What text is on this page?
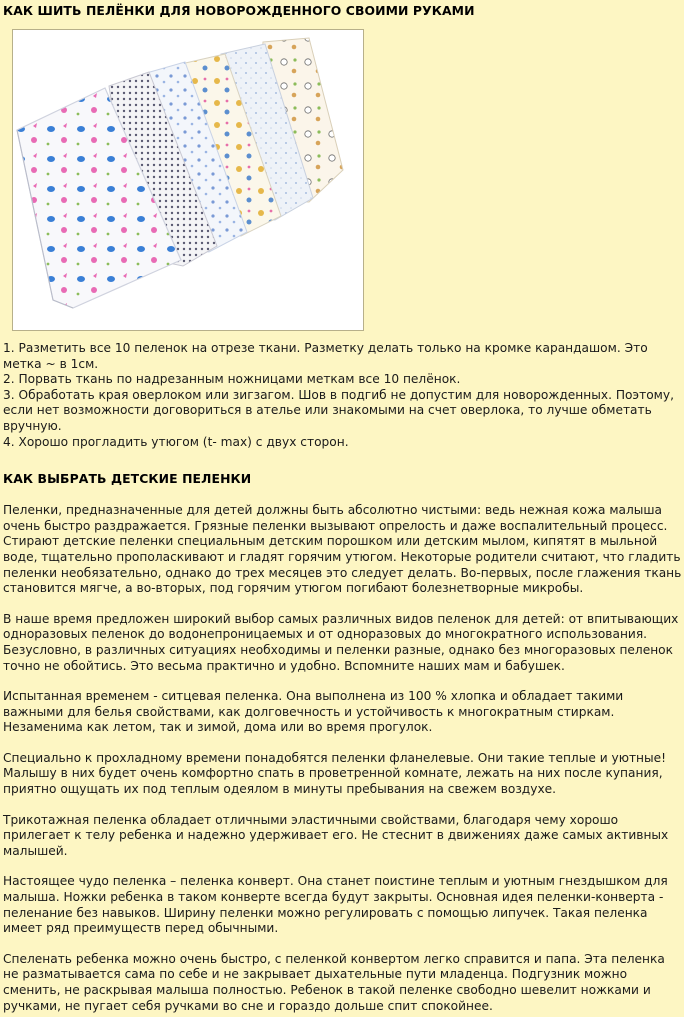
КАК ШИТЬ ПЕЛЁНКИ ДЛЯ НОВОРОЖДЕННОГО СВОИМИ РУКАМИ

1. Разметить все 10 пеленок на отрезе ткани. Разметку делать только на кромке карандашом. Это метка ~ в 1см.

2. Порвать ткань по надрезанным ножницами меткам все 10 пелёнок.

3. Обработать края оверлоком или зигзагом. Шов в подгиб не допустим для новорожденных. Поэтому, если нет возможности договориться в ателье или знакомыми на счет оверлока, то лучше обметать вручную.

4. Хорошо прогладить утюгом (t- max) с двух сторон.

КАК ВЫБРАТЬ ДЕТСКИЕ ПЕЛЕНКИ

Пеленки, предназначенные для детей должны быть абсолютно чистыми: ведь нежная кожа малыша очень быстро раздражается. Грязные пеленки вызывают опрелость и даже воспалительный процесс. Стирают детские пеленки специальным детским порошком или детским мылом, кипятят в мыльной воде, тщательно прополаскивают и гладят горячим утюгом. Некоторые родители считают, что гладить пеленки необязательно, однако до трех месяцев это следует делать. Во-первых, после глажения ткань становится мягче, а во-вторых, под горячим утюгом погибают болезнетворные микробы.

В наше время предложен широкий выбор самых различных видов пеленок для детей: от впитывающих одноразовых пеленок до водонепроницаемых и от одноразовых до многократного использования. Безусловно, в различных ситуациях необходимы и пеленки разные, однако без многоразовых пеленок точно не обойтись. Это весьма практично и удобно. Вспомните наших мам и бабушек.

Испытанная временем - ситцевая пеленка. Она выполнена из 100 % хлопка и обладает такими важными для белья свойствами, как долговечность и устойчивость к многократным стиркам. Незаменима как летом, так и зимой, дома или во время прогулок.

Специально к прохладному времени понадобятся пеленки фланелевые. Они такие теплые и уютные! Малышу в них будет очень комфортно спать в проветренной комнате, лежать на них после купания, приятно ощущать их под теплым одеялом в минуты пребывания на свежем воздухе.

Трикотажная пеленка обладает отличными эластичными свойствами, благодаря чему хорошо прилегает к телу ребенка и надежно удерживает его. Не стеснит в движениях даже самых активных малышей.

Настоящее чудо пеленка – пеленка конверт. Она станет поистине теплым и уютным гнездышком для малыша. Ножки ребенка в таком конверте всегда будут закрыты. Основная идея пеленки-конверта - пеленание без навыков. Ширину пеленки можно регулировать с помощью липучек. Такая пеленка имеет ряд преимуществ перед обычными.

Спеленать ребенка можно очень быстро, с пеленкой конвертом легко справится и папа. Эта пеленка не разматывается сама по себе и не закрывает дыхательные пути младенца. Подгузник можно сменить, не раскрывая малыша полностью. Ребенок в такой пеленке свободно шевелит ножками и ручками, не пугает себя ручками во сне и гораздо дольше спит спокойнее.
